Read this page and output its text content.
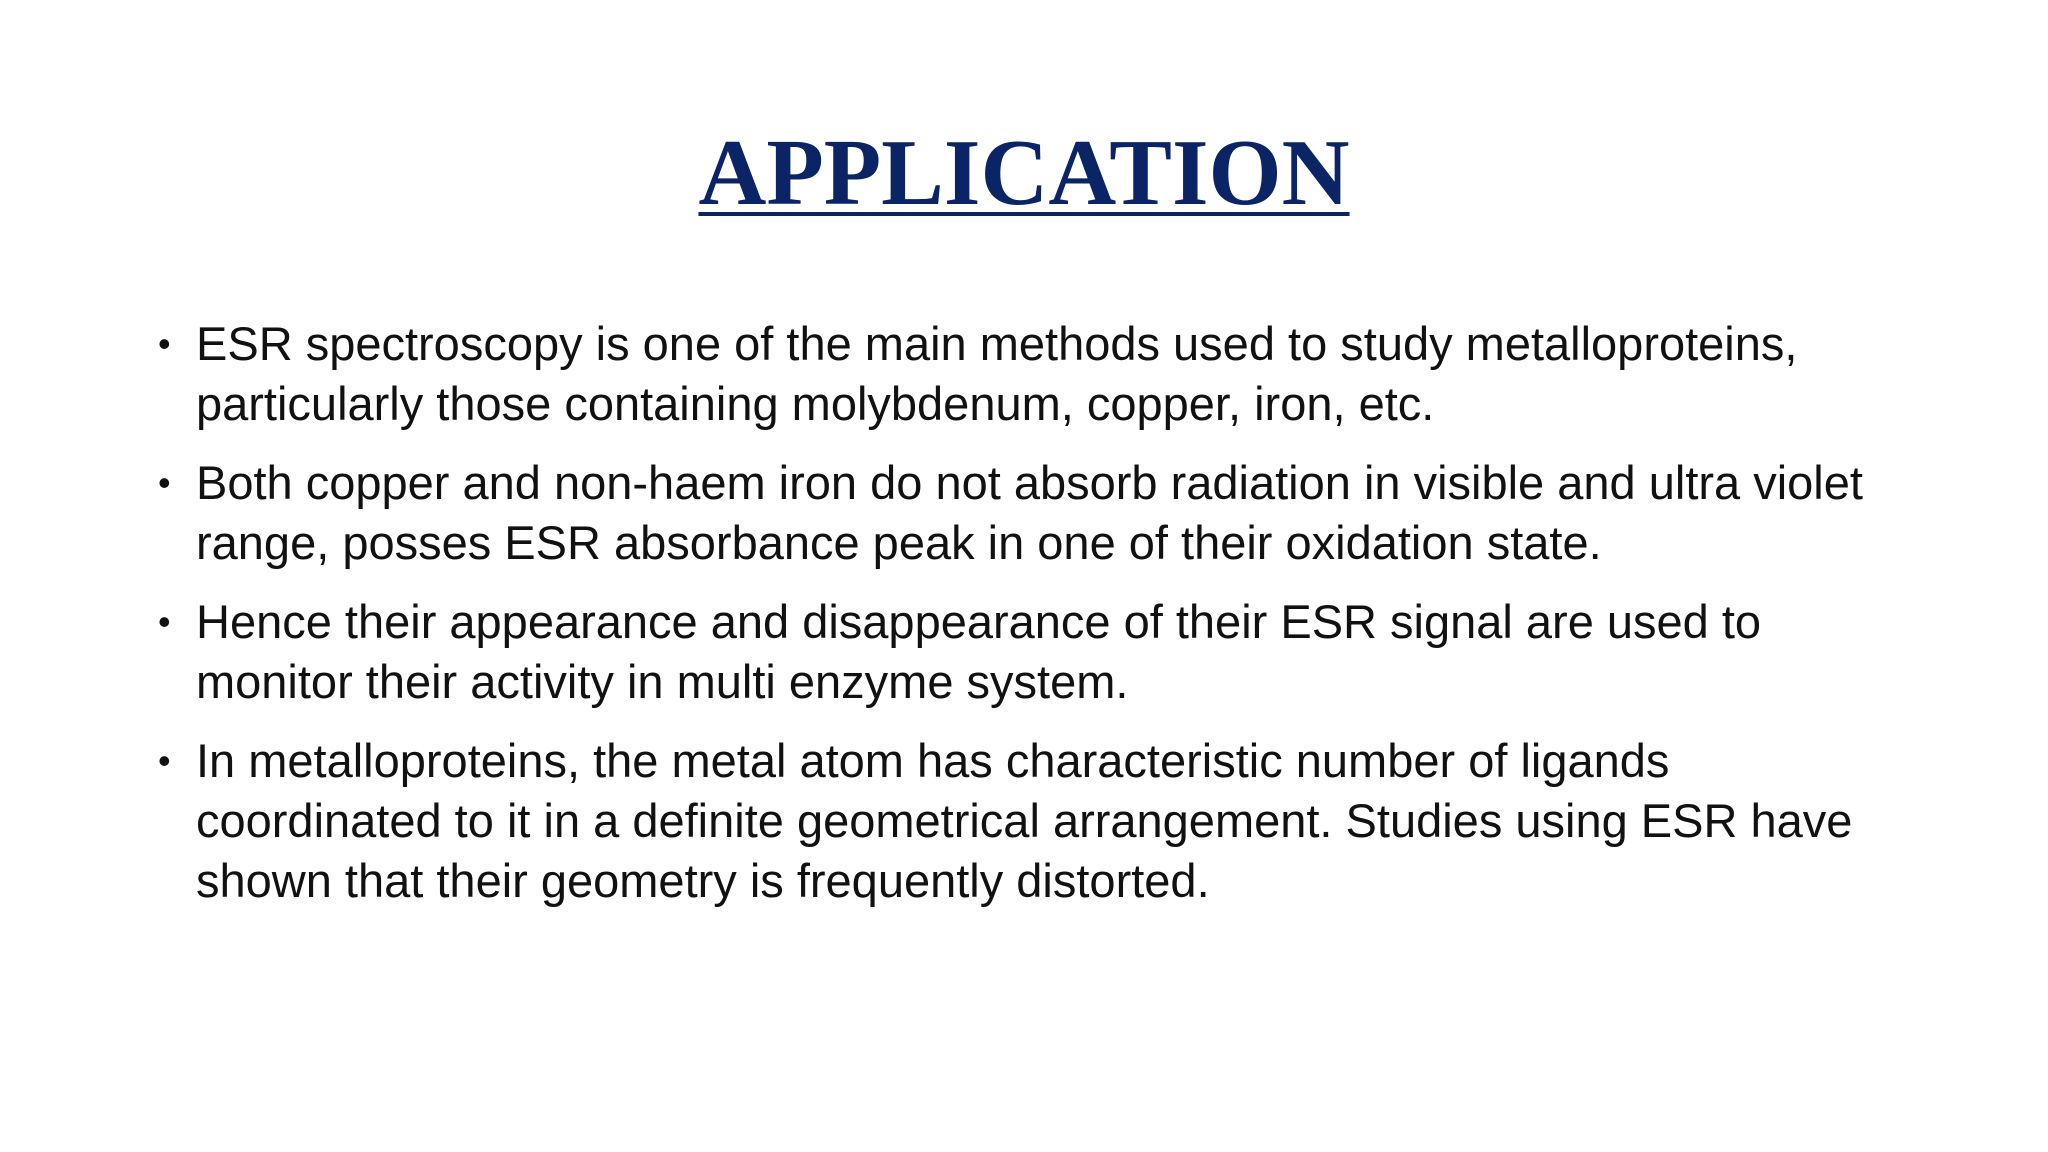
APPLICATION
• ESR spectroscopy is one of the main methods used to study metalloproteins, particularly those containing molybdenum, copper, iron, etc.
• Both copper and non-haem iron do not absorb radiation in visible and ultra violet range, posses ESR absorbance peak in one of their oxidation state.
• Hence their appearance and disappearance of their ESR signal are used to monitor their activity in multi enzyme system.
• In metalloproteins, the metal atom has characteristic number of ligands coordinated to it in a definite geometrical arrangement. Studies using ESR have shown that their geometry is frequently distorted.
